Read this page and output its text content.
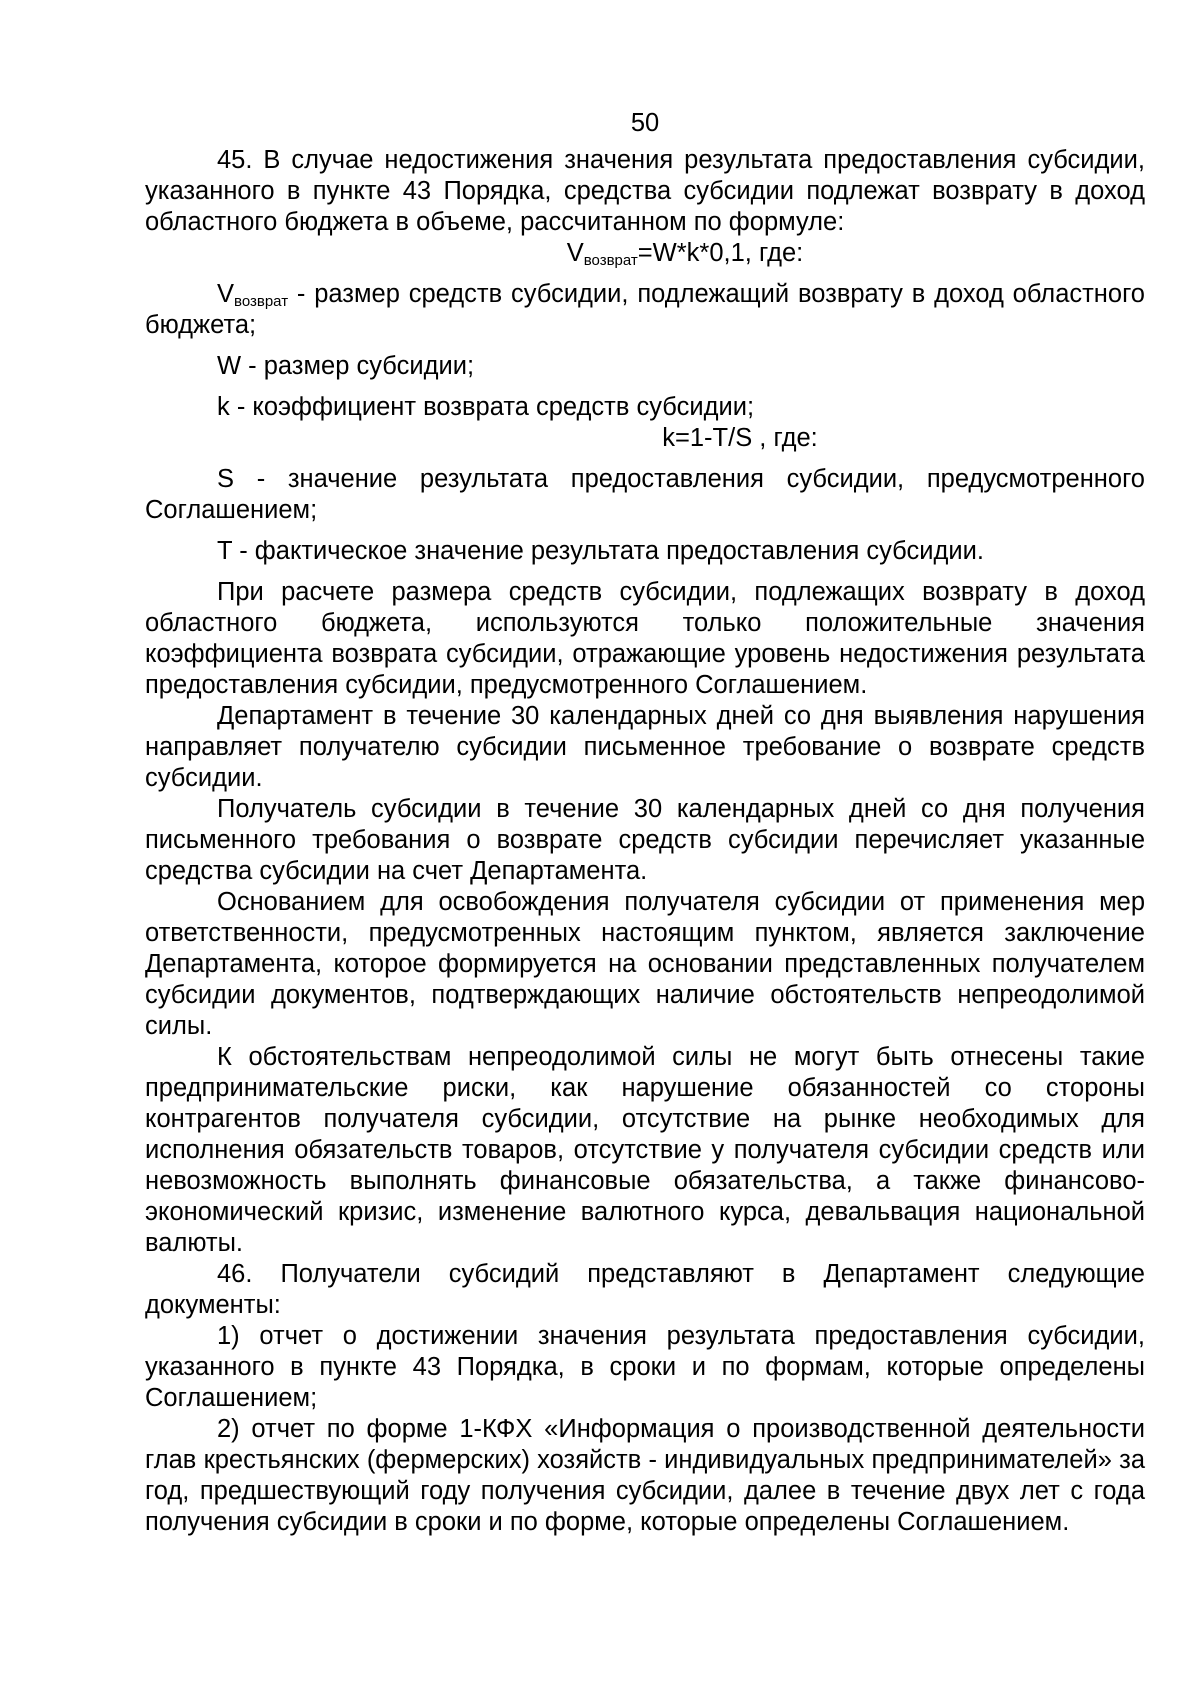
50

45. В случае недостижения значения результата предоставления субсидии, указанного в пункте 43 Порядка, средства субсидии подлежат возврату в доход областного бюджета в объеме, рассчитанном по формуле:

$V_{возврат}=W*k*0,1$, где:

$V_{возврат}$ - размер средств субсидии, подлежащий возврату в доход областного бюджета;

W - размер субсидии;

k - коэффициент возврата средств субсидии;

k=1-T/S , где:

S - значение результата предоставления субсидии, предусмотренного Соглашением;

T - фактическое значение результата предоставления субсидии.

При расчете размера средств субсидии, подлежащих возврату в доход областного бюджета, используются только положительные значения коэффициента возврата субсидии, отражающие уровень недостижения результата предоставления субсидии, предусмотренного Соглашением.

Департамент в течение 30 календарных дней со дня выявления нарушения направляет получателю субсидии письменное требование о возврате средств субсидии.

Получатель субсидии в течение 30 календарных дней со дня получения письменного требования о возврате средств субсидии перечисляет указанные средства субсидии на счет Департамента.

Основанием для освобождения получателя субсидии от применения мер ответственности, предусмотренных настоящим пунктом, является заключение Департамента, которое формируется на основании представленных получателем субсидии документов, подтверждающих наличие обстоятельств непреодолимой силы.

К обстоятельствам непреодолимой силы не могут быть отнесены такие предпринимательские риски, как нарушение обязанностей со стороны контрагентов получателя субсидии, отсутствие на рынке необходимых для исполнения обязательств товаров, отсутствие у получателя субсидии средств или невозможность выполнять финансовые обязательства, а также финансово-экономический кризис, изменение валютного курса, девальвация национальной валюты.

46. Получатели субсидий представляют в Департамент следующие документы:

1) отчет о достижении значения результата предоставления субсидии, указанного в пункте 43 Порядка, в сроки и по формам, которые определены Соглашением;

2) отчет по форме 1-КФХ «Информация о производственной деятельности глав крестьянских (фермерских) хозяйств - индивидуальных предпринимателей» за год, предшествующий году получения субсидии, далее в течение двух лет с года получения субсидии в сроки и по форме, которые определены Соглашением.
